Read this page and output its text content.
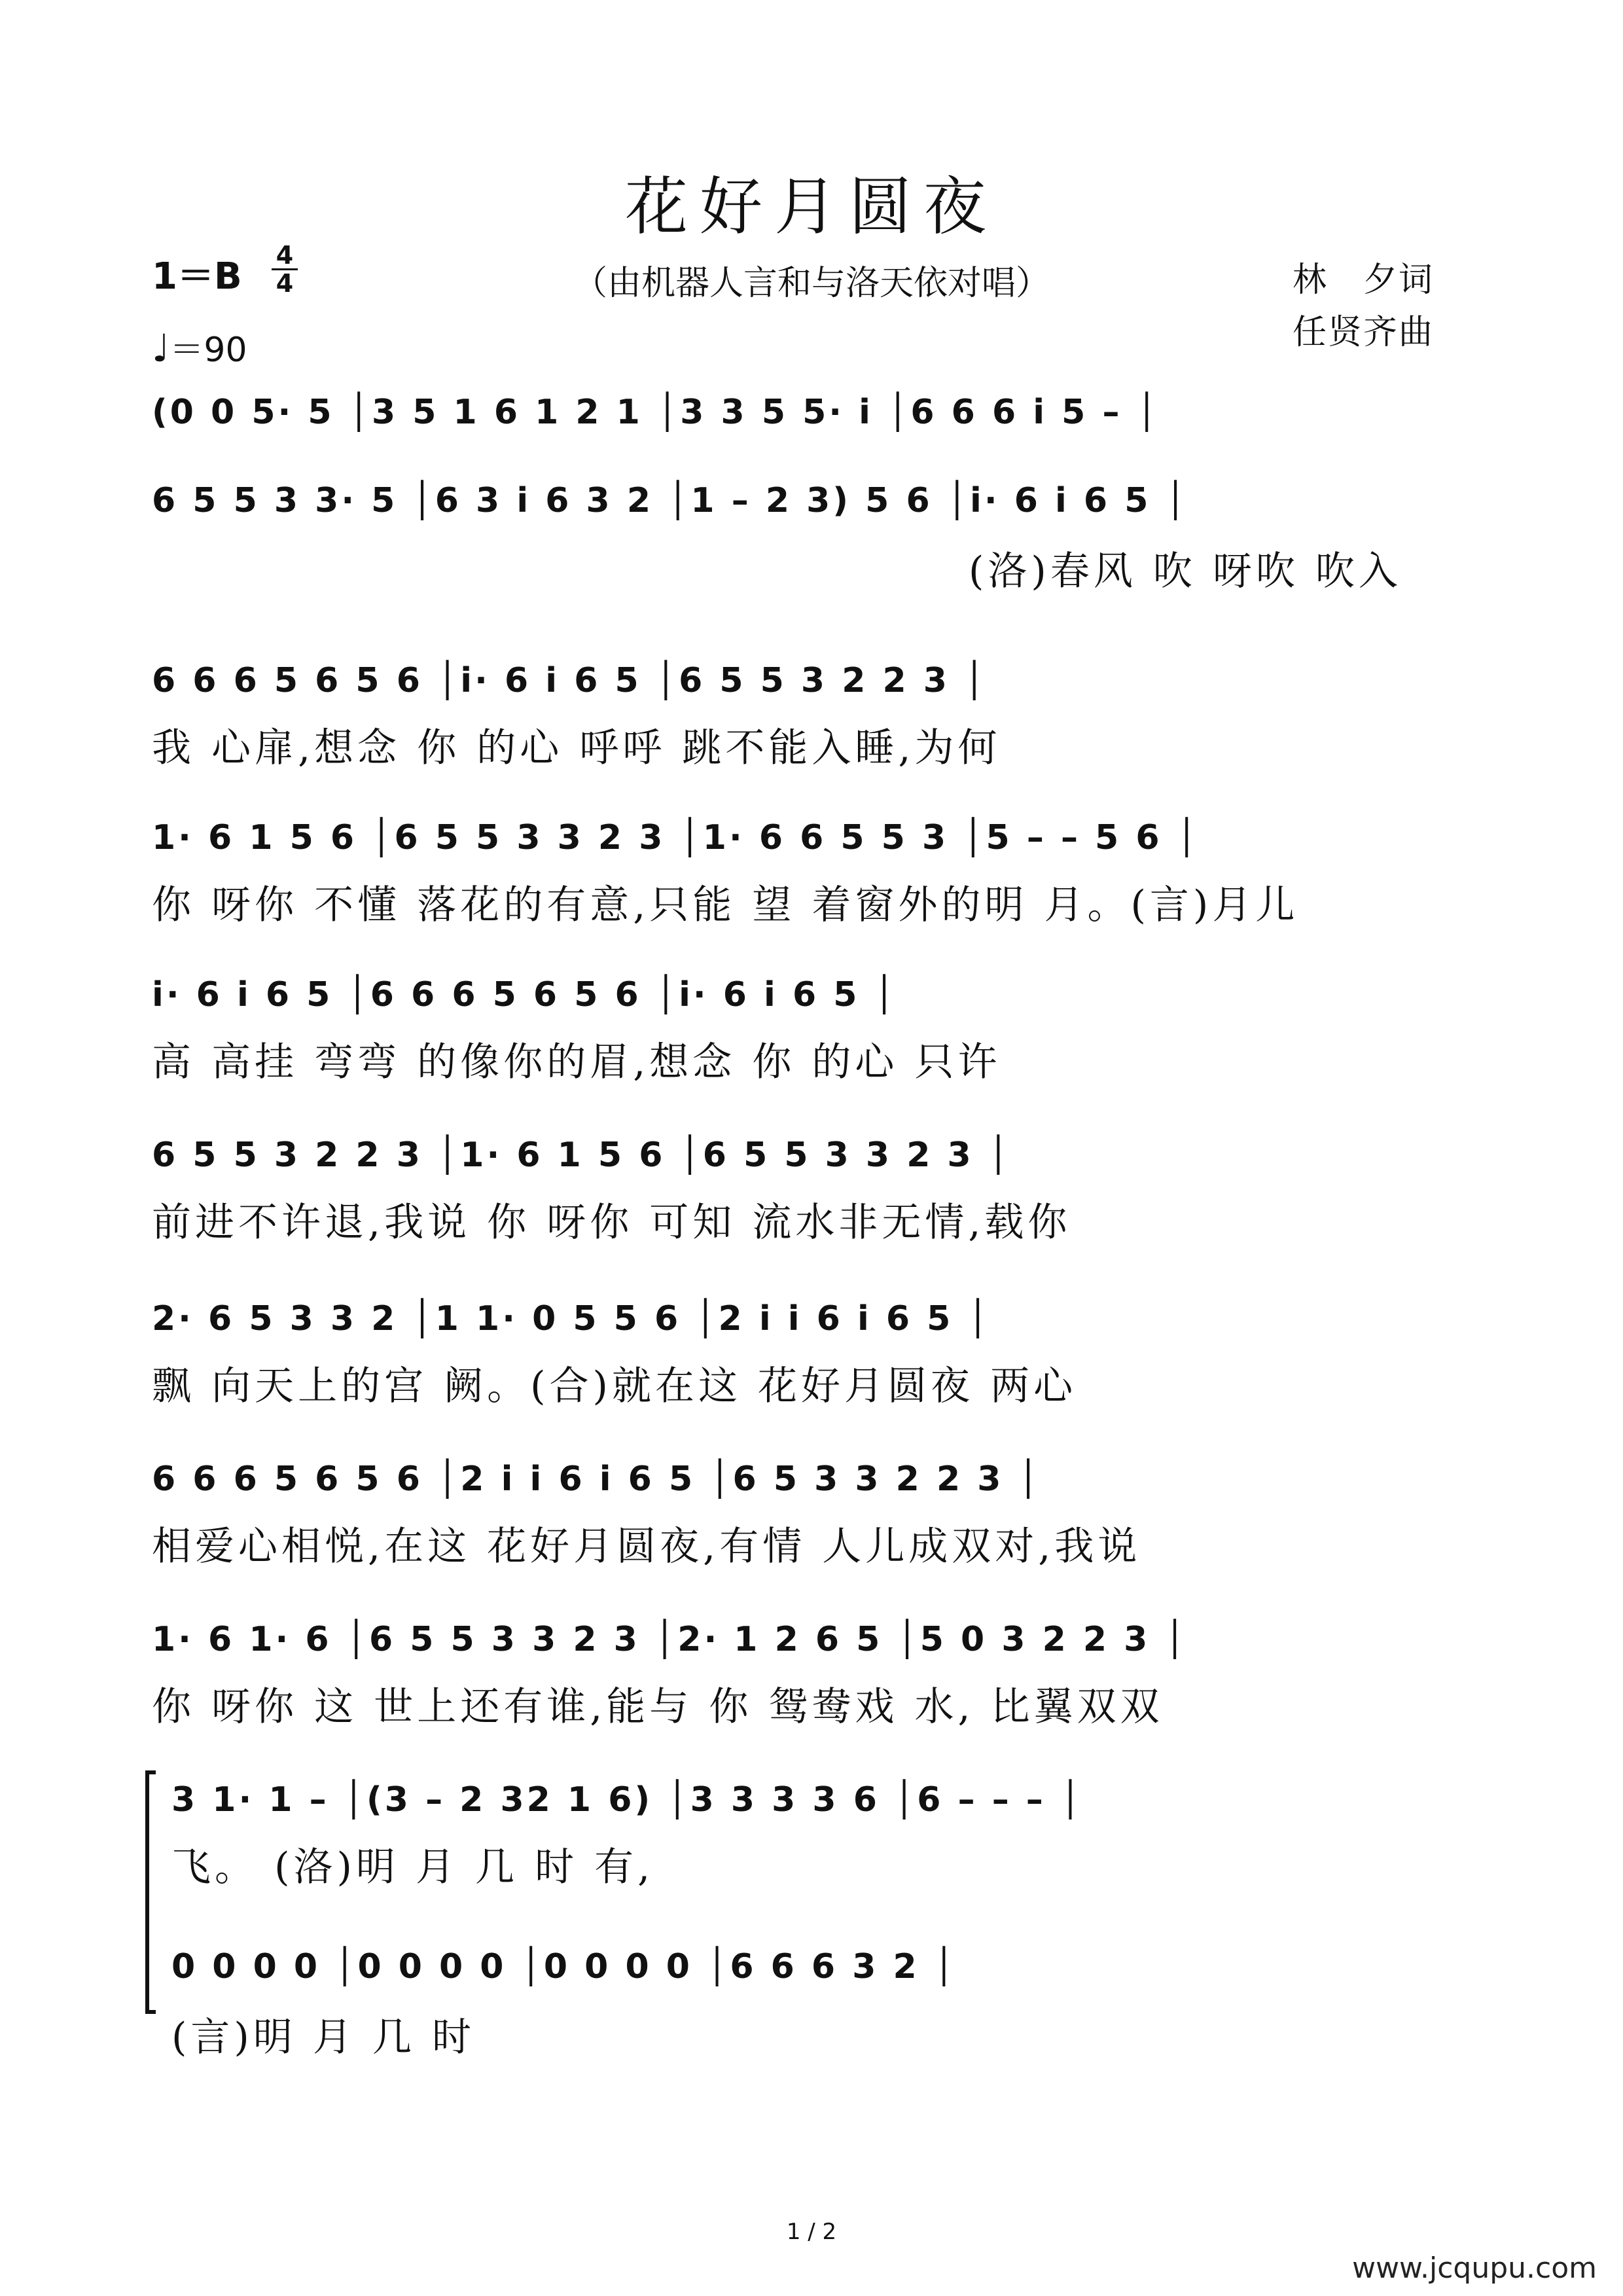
花好月圆夜
（由机器人言和与洛天依对唱）	林　夕词
任贤齐曲
1＝B 4
4
♩＝90
(0 0 5· 5 │3 5 1 6 1 2 1 │3 3 5 5· i │6 6 6 i 5 – │
6 5 5 3 3· 5 │6 3 i 6 3 2 │1 – 2 3) 5 6 │i· 6 i 6 5 │
(洛)春风 吹 呀吹 吹入
6 6 6 5 6 5 6 │i· 6 i 6 5 │6 5 5 3 2 2 3 │
我 心扉,想念 你 的心 呼呼 跳不能入睡,为何
1· 6 1 5 6 │6 5 5 3 3 2 3 │1· 6 6 5 5 3 │5 – – 5 6 │
你 呀你 不懂 落花的有意,只能 望 着窗外的明 月。(言)月儿
i· 6 i 6 5 │6 6 6 5 6 5 6 │i· 6 i 6 5 │
高 高挂 弯弯 的像你的眉,想念 你 的心 只许
6 5 5 3 2 2 3 │1· 6 1 5 6 │6 5 5 3 3 2 3 │
前进不许退,我说 你 呀你 可知 流水非无情,载你
2· 6 5 3 3 2 │1 1· 0 5 5 6 │2 i i 6 i 6 5 │
飘 向天上的宫 阙。(合)就在这 花好月圆夜 两心
6 6 6 5 6 5 6 │2 i i 6 i 6 5 │6 5 3 3 2 2 3 │
相爱心相悦,在这 花好月圆夜,有情 人儿成双对,我说
1· 6 1· 6 │6 5 5 3 3 2 3 │2· 1 2 6 5 │5 0 3 2 2 3 │
你 呀你 这 世上还有谁,能与 你 鸳鸯戏 水, 比翼双双
3 1· 1 – │(3 – 2 32 1 6) │3 3 3 3 6 │6 – – – │
飞。 (洛)明 月 几 时 有,
0 0 0 0 │0 0 0 0 │0 0 0 0 │6 6 6 3 2 │
(言)明 月 几 时
1 / 2
www.jcqupu.com
